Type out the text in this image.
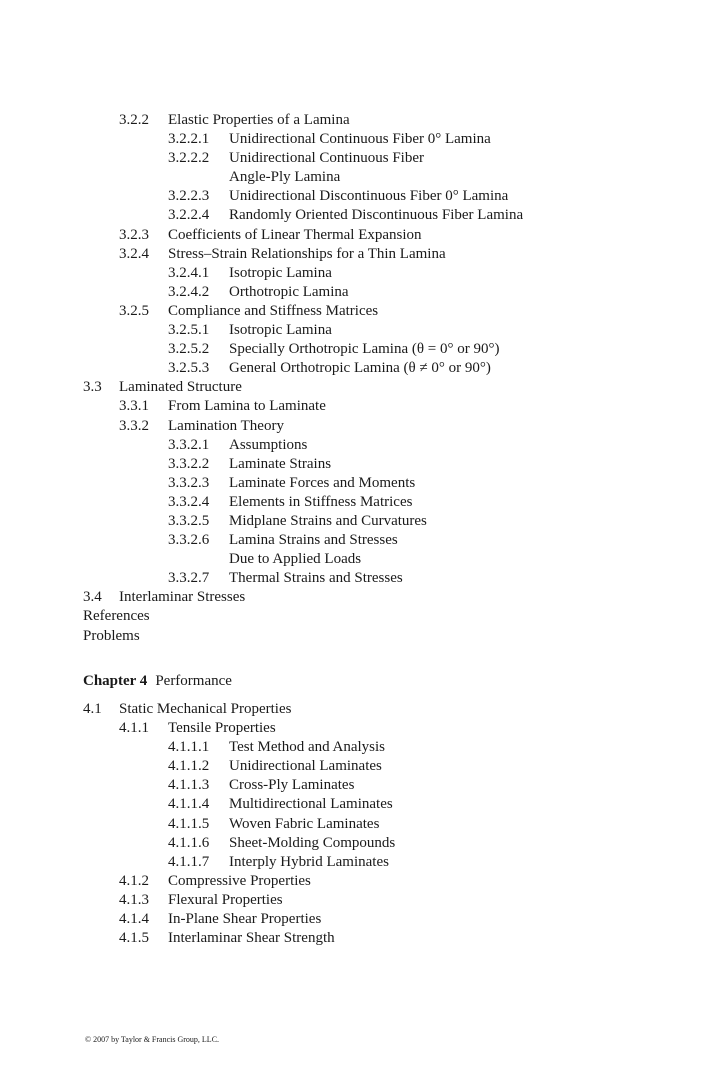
3.2.2 Elastic Properties of a Lamina
3.2.2.1 Unidirectional Continuous Fiber 0° Lamina
3.2.2.2 Unidirectional Continuous Fiber
Angle-Ply Lamina
3.2.2.3 Unidirectional Discontinuous Fiber 0° Lamina
3.2.2.4 Randomly Oriented Discontinuous Fiber Lamina
3.2.3 Coefficients of Linear Thermal Expansion
3.2.4 Stress–Strain Relationships for a Thin Lamina
3.2.4.1 Isotropic Lamina
3.2.4.2 Orthotropic Lamina
3.2.5 Compliance and Stiffness Matrices
3.2.5.1 Isotropic Lamina
3.2.5.2 Specially Orthotropic Lamina (θ = 0° or 90°)
3.2.5.3 General Orthotropic Lamina (θ ≠ 0° or 90°)
3.3 Laminated Structure
3.3.1 From Lamina to Laminate
3.3.2 Lamination Theory
3.3.2.1 Assumptions
3.3.2.2 Laminate Strains
3.3.2.3 Laminate Forces and Moments
3.3.2.4 Elements in Stiffness Matrices
3.3.2.5 Midplane Strains and Curvatures
3.3.2.6 Lamina Strains and Stresses
Due to Applied Loads
3.3.2.7 Thermal Strains and Stresses
3.4 Interlaminar Stresses
References
Problems
Chapter 4 Performance
4.1 Static Mechanical Properties
4.1.1 Tensile Properties
4.1.1.1 Test Method and Analysis
4.1.1.2 Unidirectional Laminates
4.1.1.3 Cross-Ply Laminates
4.1.1.4 Multidirectional Laminates
4.1.1.5 Woven Fabric Laminates
4.1.1.6 Sheet-Molding Compounds
4.1.1.7 Interply Hybrid Laminates
4.1.2 Compressive Properties
4.1.3 Flexural Properties
4.1.4 In-Plane Shear Properties
4.1.5 Interlaminar Shear Strength
© 2007 by Taylor & Francis Group, LLC.
